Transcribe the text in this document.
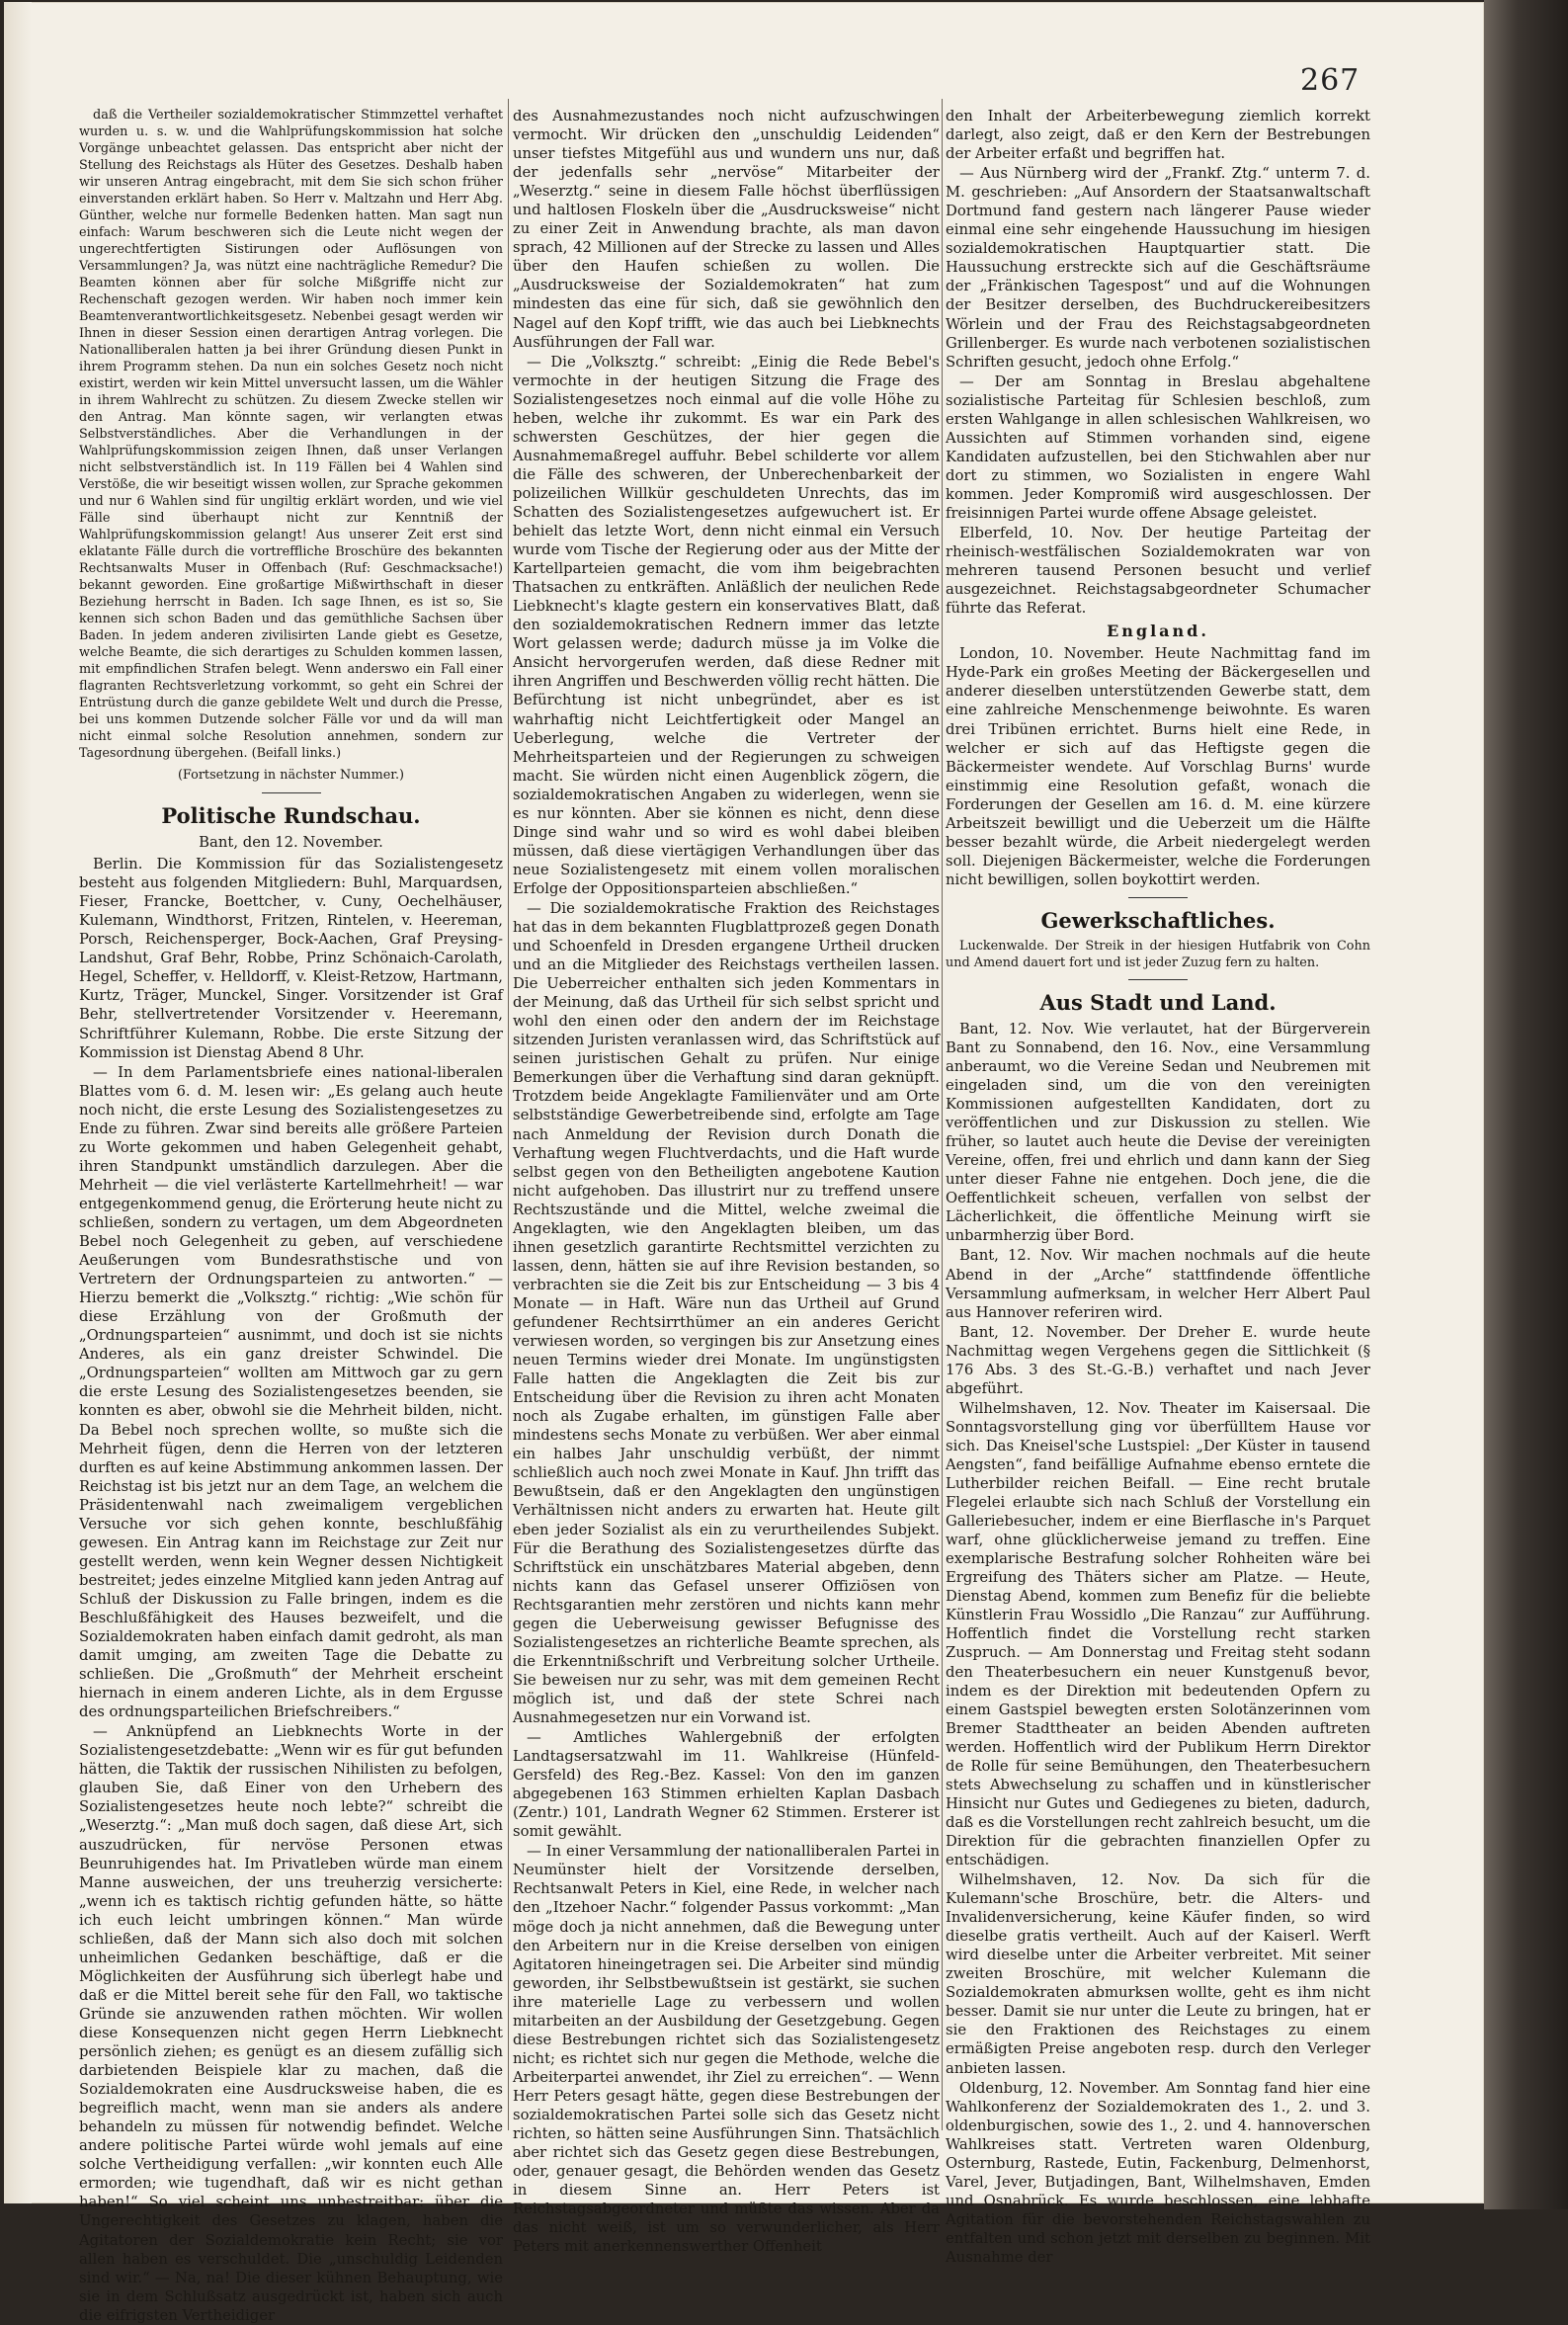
267

daß die Vertheiler sozialdemokratischer Stimmzettel verhaftet wurden u. s. w. und die Wahlprüfungskommission hat solche Vorgänge unbeachtet gelassen. Das entspricht aber nicht der Stellung des Reichstags als Hüter des Gesetzes. Deshalb haben wir unseren Antrag eingebracht, mit dem Sie sich schon früher einverstanden erklärt haben. So Herr v. Maltzahn und Herr Abg. Günther, welche nur formelle Bedenken hatten. Man sagt nun einfach: Warum beschweren sich die Leute nicht wegen der ungerechtfertigten Sistirungen oder Auflösungen von Versammlungen? Ja, was nützt eine nachträgliche Remedur? Die Beamten können aber für solche Mißgriffe nicht zur Rechenschaft gezogen werden. Wir haben noch immer kein Beamtenverantwortlichkeitsgesetz. Nebenbei gesagt werden wir Ihnen in dieser Session einen derartigen Antrag vorlegen. Die Nationalliberalen hatten ja bei ihrer Gründung diesen Punkt in ihrem Programm stehen. Da nun ein solches Gesetz noch nicht existirt, werden wir kein Mittel unversucht lassen, um die Wähler in ihrem Wahlrecht zu schützen. Zu diesem Zwecke stellen wir den Antrag. Man könnte sagen, wir verlangten etwas Selbstverständliches. Aber die Verhandlungen in der Wahlprüfungskommission zeigen Ihnen, daß unser Verlangen nicht selbstverständlich ist. In 119 Fällen bei 4 Wahlen sind Verstöße, die wir beseitigt wissen wollen, zur Sprache gekommen und nur 6 Wahlen sind für ungiltig erklärt worden, und wie viel Fälle sind überhaupt nicht zur Kenntniß der Wahlprüfungskommission gelangt! Aus unserer Zeit erst sind eklatante Fälle durch die vortreffliche Broschüre des bekannten Rechtsanwalts Muser in Offenbach (Ruf: Geschmacksache!) bekannt geworden. Eine großartige Mißwirthschaft in dieser Beziehung herrscht in Baden. Ich sage Ihnen, es ist so, Sie kennen sich schon Baden und das gemüthliche Sachsen über Baden. In jedem anderen zivilisirten Lande giebt es Gesetze, welche Beamte, die sich derartiges zu Schulden kommen lassen, mit empfindlichen Strafen belegt. Wenn anderswo ein Fall einer flagranten Rechtsverletzung vorkommt, so geht ein Schrei der Entrüstung durch die ganze gebildete Welt und durch die Presse, bei uns kommen Dutzende solcher Fälle vor und da will man nicht einmal solche Resolution annehmen, sondern zur Tagesordnung übergehen. (Beifall links.)

(Fortsetzung in nächster Nummer.)

Politische Rundschau.

Bant, den 12. November.

Berlin. Die Kommission für das Sozialistengesetz besteht aus folgenden Mitgliedern: Buhl, Marquardsen, Fieser, Francke, Boettcher, v. Cuny, Oechelhäuser, Kulemann, Windthorst, Fritzen, Rintelen, v. Heereman, Porsch, Reichensperger, Bock-Aachen, Graf Preysing-Landshut, Graf Behr, Robbe, Prinz Schönaich-Carolath, Hegel, Scheffer, v. Helldorff, v. Kleist-Retzow, Hartmann, Kurtz, Träger, Munckel, Singer. Vorsitzender ist Graf Behr, stellvertretender Vorsitzender v. Heeremann, Schriftführer Kulemann, Robbe. Die erste Sitzung der Kommission ist Dienstag Abend 8 Uhr.

— In dem Parlamentsbriefe eines national-liberalen Blattes vom 6. d. M. lesen wir: „Es gelang auch heute noch nicht, die erste Lesung des Sozialistengesetzes zu Ende zu führen. Zwar sind bereits alle größere Parteien zu Worte gekommen und haben Gelegenheit gehabt, ihren Standpunkt umständlich darzulegen. Aber die Mehrheit — die viel verlästerte Kartellmehrheit! — war entgegenkommend genug, die Erörterung heute nicht zu schließen, sondern zu vertagen, um dem Abgeordneten Bebel noch Gelegenheit zu geben, auf verschiedene Aeußerungen vom Bundesrathstische und von Vertretern der Ordnungsparteien zu antworten.“ — Hierzu bemerkt die „Volksztg.“ richtig: „Wie schön für diese Erzählung von der Großmuth der „Ordnungsparteien“ ausnimmt, und doch ist sie nichts Anderes, als ein ganz dreister Schwindel. Die „Ordnungsparteien“ wollten am Mittwoch gar zu gern die erste Lesung des Sozialistengesetzes beenden, sie konnten es aber, obwohl sie die Mehrheit bilden, nicht. Da Bebel noch sprechen wollte, so mußte sich die Mehrheit fügen, denn die Herren von der letzteren durften es auf keine Abstimmung ankommen lassen. Der Reichstag ist bis jetzt nur an dem Tage, an welchem die Präsidentenwahl nach zweimaligem vergeblichen Versuche vor sich gehen konnte, beschlußfähig gewesen. Ein Antrag kann im Reichstage zur Zeit nur gestellt werden, wenn kein Wegner dessen Nichtigkeit bestreitet; jedes einzelne Mitglied kann jeden Antrag auf Schluß der Diskussion zu Falle bringen, indem es die Beschlußfähigkeit des Hauses bezweifelt, und die Sozialdemokraten haben einfach damit gedroht, als man damit umging, am zweiten Tage die Debatte zu schließen. Die „Großmuth“ der Mehrheit erscheint hiernach in einem anderen Lichte, als in dem Ergusse des ordnungsparteilichen Briefschreibers.“

— Anknüpfend an Liebknechts Worte in der Sozialistengesetzdebatte: „Wenn wir es für gut befunden hätten, die Taktik der russischen Nihilisten zu befolgen, glauben Sie, daß Einer von den Urhebern des Sozialistengesetzes heute noch lebte?“ schreibt die „Weserztg.“: „Man muß doch sagen, daß diese Art, sich auszudrücken, für nervöse Personen etwas Beunruhigendes hat. Im Privatleben würde man einem Manne ausweichen, der uns treuherzig versicherte: „wenn ich es taktisch richtig gefunden hätte, so hätte ich euch leicht umbringen können.“ Man würde schließen, daß der Mann sich also doch mit solchen unheimlichen Gedanken beschäftige, daß er die Möglichkeiten der Ausführung sich überlegt habe und daß er die Mittel bereit sehe für den Fall, wo taktische Gründe sie anzuwenden rathen möchten. Wir wollen diese Konsequenzen nicht gegen Herrn Liebknecht persönlich ziehen; es genügt es an diesem zufällig sich darbietenden Beispiele klar zu machen, daß die Sozialdemokraten eine Ausdrucksweise haben, die es begreiflich macht, wenn man sie anders als andere behandeln zu müssen für notwendig befindet. Welche andere politische Partei würde wohl jemals auf eine solche Vertheidigung verfallen: „wir konnten euch Alle ermorden; wie tugendhaft, daß wir es nicht gethan haben!“ So viel scheint uns unbestreitbar: über die Ungerechtigkeit des Gesetzes zu klagen, haben die Agitatoren der Sozialdemokratie kein Recht; sie vor allen haben es verschuldet. Die „unschuldig Leidenden sind wir.“ — Na, na! Die dieser kühnen Behauptung, wie sie in dem Schlußsatz ausgedrückt ist, haben sich auch die eifrigsten Vertheidiger

des Ausnahmezustandes noch nicht aufzuschwingen vermocht. Wir drücken den „unschuldig Leidenden“ unser tiefstes Mitgefühl aus und wundern uns nur, daß der jedenfalls sehr „nervöse“ Mitarbeiter der „Weserztg.“ seine in diesem Falle höchst überflüssigen und haltlosen Floskeln über die „Ausdrucksweise“ nicht zu einer Zeit in Anwendung brachte, als man davon sprach, 42 Millionen auf der Strecke zu lassen und Alles über den Haufen schießen zu wollen. Die „Ausdrucksweise der Sozialdemokraten“ hat zum mindesten das eine für sich, daß sie gewöhnlich den Nagel auf den Kopf trifft, wie das auch bei Liebknechts Ausführungen der Fall war.

— Die „Volksztg.“ schreibt: „Einig die Rede Bebel's vermochte in der heutigen Sitzung die Frage des Sozialistengesetzes noch einmal auf die volle Höhe zu heben, welche ihr zukommt. Es war ein Park des schwersten Geschützes, der hier gegen die Ausnahmemaßregel auffuhr. Bebel schilderte vor allem die Fälle des schweren, der Unberechenbarkeit der polizeilichen Willkür geschuldeten Unrechts, das im Schatten des Sozialistengesetzes aufgewuchert ist. Er behielt das letzte Wort, denn nicht einmal ein Versuch wurde vom Tische der Regierung oder aus der Mitte der Kartellparteien gemacht, die vom ihm beigebrachten Thatsachen zu entkräften. Anläßlich der neulichen Rede Liebknecht's klagte gestern ein konservatives Blatt, daß den sozialdemokratischen Rednern immer das letzte Wort gelassen werde; dadurch müsse ja im Volke die Ansicht hervorgerufen werden, daß diese Redner mit ihren Angriffen und Beschwerden völlig recht hätten. Die Befürchtung ist nicht unbegründet, aber es ist wahrhaftig nicht Leichtfertigkeit oder Mangel an Ueberlegung, welche die Vertreter der Mehrheitsparteien und der Regierungen zu schweigen macht. Sie würden nicht einen Augenblick zögern, die sozialdemokratischen Angaben zu widerlegen, wenn sie es nur könnten. Aber sie können es nicht, denn diese Dinge sind wahr und so wird es wohl dabei bleiben müssen, daß diese viertägigen Verhandlungen über das neue Sozialistengesetz mit einem vollen moralischen Erfolge der Oppositionsparteien abschließen.“

— Die sozialdemokratische Fraktion des Reichstages hat das in dem bekannten Flugblattprozeß gegen Donath und Schoenfeld in Dresden ergangene Urtheil drucken und an die Mitglieder des Reichstags vertheilen lassen. Die Ueberreicher enthalten sich jeden Kommentars in der Meinung, daß das Urtheil für sich selbst spricht und wohl den einen oder den andern der im Reichstage sitzenden Juristen veranlassen wird, das Schriftstück auf seinen juristischen Gehalt zu prüfen. Nur einige Bemerkungen über die Verhaftung sind daran geknüpft. Trotzdem beide Angeklagte Familienväter und am Orte selbstständige Gewerbetreibende sind, erfolgte am Tage nach Anmeldung der Revision durch Donath die Verhaftung wegen Fluchtverdachts, und die Haft wurde selbst gegen von den Betheiligten angebotene Kaution nicht aufgehoben. Das illustrirt nur zu treffend unsere Rechtszustände und die Mittel, welche zweimal die Angeklagten, wie den Angeklagten bleiben, um das ihnen gesetzlich garantirte Rechtsmittel verzichten zu lassen, denn, hätten sie auf ihre Revision bestanden, so verbrachten sie die Zeit bis zur Entscheidung — 3 bis 4 Monate — in Haft. Wäre nun das Urtheil auf Grund gefundener Rechtsirrthümer an ein anderes Gericht verwiesen worden, so vergingen bis zur Ansetzung eines neuen Termins wieder drei Monate. Im ungünstigsten Falle hatten die Angeklagten die Zeit bis zur Entscheidung über die Revision zu ihren acht Monaten noch als Zugabe erhalten, im günstigen Falle aber mindestens sechs Monate zu verbüßen. Wer aber einmal ein halbes Jahr unschuldig verbüßt, der nimmt schließlich auch noch zwei Monate in Kauf. Jhn trifft das Bewußtsein, daß er den Angeklagten den ungünstigen Verhältnissen nicht anders zu erwarten hat. Heute gilt eben jeder Sozialist als ein zu verurtheilendes Subjekt. Für die Berathung des Sozialistengesetzes dürfte das Schriftstück ein unschätzbares Material abgeben, denn nichts kann das Gefasel unserer Offiziösen von Rechtsgarantien mehr zerstören und nichts kann mehr gegen die Ueberweisung gewisser Befugnisse des Sozialistengesetzes an richterliche Beamte sprechen, als die Erkenntnißschrift und Verbreitung solcher Urtheile. Sie beweisen nur zu sehr, was mit dem gemeinen Recht möglich ist, und daß der stete Schrei nach Ausnahmegesetzen nur ein Vorwand ist.

— Amtliches Wahlergebniß der erfolgten Landtagsersatzwahl im 11. Wahlkreise (Hünfeld-Gersfeld) des Reg.-Bez. Kassel: Von den im ganzen abgegebenen 163 Stimmen erhielten Kaplan Dasbach (Zentr.) 101, Landrath Wegner 62 Stimmen. Ersterer ist somit gewählt.

— In einer Versammlung der nationalliberalen Partei in Neumünster hielt der Vorsitzende derselben, Rechtsanwalt Peters in Kiel, eine Rede, in welcher nach den „Itzehoer Nachr.“ folgender Passus vorkommt: „Man möge doch ja nicht annehmen, daß die Bewegung unter den Arbeitern nur in die Kreise derselben von einigen Agitatoren hineingetragen sei. Die Arbeiter sind mündig geworden, ihr Selbstbewußtsein ist gestärkt, sie suchen ihre materielle Lage zu verbessern und wollen mitarbeiten an der Ausbildung der Gesetzgebung. Gegen diese Bestrebungen richtet sich das Sozialistengesetz nicht; es richtet sich nur gegen die Methode, welche die Arbeiterpartei anwendet, ihr Ziel zu erreichen“. — Wenn Herr Peters gesagt hätte, gegen diese Bestrebungen der sozialdemokratischen Partei solle sich das Gesetz nicht richten, so hätten seine Ausführungen Sinn. Thatsächlich aber richtet sich das Gesetz gegen diese Bestrebungen, oder, genauer gesagt, die Behörden wenden das Gesetz in diesem Sinne an. Herr Peters ist Reichstagsabgeordneter und müßte das wissen. Aber da das nicht weiß, ist um so verwunderlicher, als Herr Peters mit anerkennenswerther Offenheit

den Inhalt der Arbeiterbewegung ziemlich korrekt darlegt, also zeigt, daß er den Kern der Bestrebungen der Arbeiter erfaßt und begriffen hat.

— Aus Nürnberg wird der „Frankf. Ztg.“ unterm 7. d. M. geschrieben: „Auf Ansordern der Staatsanwaltschaft Dortmund fand gestern nach längerer Pause wieder einmal eine sehr eingehende Haussuchung im hiesigen sozialdemokratischen Hauptquartier statt. Die Haussuchung erstreckte sich auf die Geschäftsräume der „Fränkischen Tagespost“ und auf die Wohnungen der Besitzer derselben, des Buchdruckereibesitzers Wörlein und der Frau des Reichstagsabgeordneten Grillenberger. Es wurde nach verbotenen sozialistischen Schriften gesucht, jedoch ohne Erfolg.“

— Der am Sonntag in Breslau abgehaltene sozialistische Parteitag für Schlesien beschloß, zum ersten Wahlgange in allen schlesischen Wahlkreisen, wo Aussichten auf Stimmen vorhanden sind, eigene Kandidaten aufzustellen, bei den Stichwahlen aber nur dort zu stimmen, wo Sozialisten in engere Wahl kommen. Jeder Kompromiß wird ausgeschlossen. Der freisinnigen Partei wurde offene Absage geleistet.

Elberfeld, 10. Nov. Der heutige Parteitag der rheinisch-westfälischen Sozialdemokraten war von mehreren tausend Personen besucht und verlief ausgezeichnet. Reichstagsabgeordneter Schumacher führte das Referat.

England.

London, 10. November. Heute Nachmittag fand im Hyde-Park ein großes Meeting der Bäckergesellen und anderer dieselben unterstützenden Gewerbe statt, dem eine zahlreiche Menschenmenge beiwohnte. Es waren drei Tribünen errichtet. Burns hielt eine Rede, in welcher er sich auf das Heftigste gegen die Bäckermeister wendete. Auf Vorschlag Burns' wurde einstimmig eine Resolution gefaßt, wonach die Forderungen der Gesellen am 16. d. M. eine kürzere Arbeitszeit bewilligt und die Ueberzeit um die Hälfte besser bezahlt würde, die Arbeit niedergelegt werden soll. Diejenigen Bäckermeister, welche die Forderungen nicht bewilligen, sollen boykottirt werden.

Gewerkschaftliches.

Luckenwalde. Der Streik in der hiesigen Hutfabrik von Cohn und Amend dauert fort und ist jeder Zuzug fern zu halten.

Aus Stadt und Land.

Bant, 12. Nov. Wie verlautet, hat der Bürgerverein Bant zu Sonnabend, den 16. Nov., eine Versammlung anberaumt, wo die Vereine Sedan und Neubremen mit eingeladen sind, um die von den vereinigten Kommissionen aufgestellten Kandidaten, dort zu veröffentlichen und zur Diskussion zu stellen. Wie früher, so lautet auch heute die Devise der vereinigten Vereine, offen, frei und ehrlich und dann kann der Sieg unter dieser Fahne nie entgehen. Doch jene, die die Oeffentlichkeit scheuen, verfallen von selbst der Lächerlichkeit, die öffentliche Meinung wirft sie unbarmherzig über Bord.

Bant, 12. Nov. Wir machen nochmals auf die heute Abend in der „Arche“ stattfindende öffentliche Versammlung aufmerksam, in welcher Herr Albert Paul aus Hannover referiren wird.

Bant, 12. November. Der Dreher E. wurde heute Nachmittag wegen Vergehens gegen die Sittlichkeit (§ 176 Abs. 3 des St.-G.-B.) verhaftet und nach Jever abgeführt.

Wilhelmshaven, 12. Nov. Theater im Kaisersaal. Die Sonntagsvorstellung ging vor überfülltem Hause vor sich. Das Kneisel'sche Lustspiel: „Der Küster in tausend Aengsten“, fand beifällige Aufnahme ebenso erntete die Lutherbilder reichen Beifall. — Eine recht brutale Flegelei erlaubte sich nach Schluß der Vorstellung ein Galleriebesucher, indem er eine Bierflasche in's Parquet warf, ohne glücklicherweise jemand zu treffen. Eine exemplarische Bestrafung solcher Rohheiten wäre bei Ergreifung des Thäters sicher am Platze. — Heute, Dienstag Abend, kommen zum Benefiz für die beliebte Künstlerin Frau Wossidlo „Die Ranzau“ zur Aufführung. Hoffentlich findet die Vorstellung recht starken Zuspruch. — Am Donnerstag und Freitag steht sodann den Theaterbesuchern ein neuer Kunstgenuß bevor, indem es der Direktion mit bedeutenden Opfern zu einem Gastspiel bewegten ersten Solotänzerinnen vom Bremer Stadttheater an beiden Abenden auftreten werden. Hoffentlich wird der Publikum Herrn Direktor de Rolle für seine Bemühungen, den Theaterbesuchern stets Abwechselung zu schaffen und in künstlerischer Hinsicht nur Gutes und Gediegenes zu bieten, dadurch, daß es die Vorstellungen recht zahlreich besucht, um die Direktion für die gebrachten finanziellen Opfer zu entschädigen.

Wilhelmshaven, 12. Nov. Da sich für die Kulemann'sche Broschüre, betr. die Alters- und Invalidenversicherung, keine Käufer finden, so wird dieselbe gratis vertheilt. Auch auf der Kaiserl. Werft wird dieselbe unter die Arbeiter verbreitet. Mit seiner zweiten Broschüre, mit welcher Kulemann die Sozialdemokraten abmurksen wollte, geht es ihm nicht besser. Damit sie nur unter die Leute zu bringen, hat er sie den Fraktionen des Reichstages zu einem ermäßigten Preise angeboten resp. durch den Verleger anbieten lassen.

Oldenburg, 12. November. Am Sonntag fand hier eine Wahlkonferenz der Sozialdemokraten des 1., 2. und 3. oldenburgischen, sowie des 1., 2. und 4. hannoverschen Wahlkreises statt. Vertreten waren Oldenburg, Osternburg, Rastede, Eutin, Fackenburg, Delmenhorst, Varel, Jever, Butjadingen, Bant, Wilhelmshaven, Emden und Osnabrück. Es wurde beschlossen, eine lebhafte Agitation für die bevorstehenden Reichstagswahlen zu entfalten und schon jetzt mit derselben zu beginnen. Mit Ausnahme der
